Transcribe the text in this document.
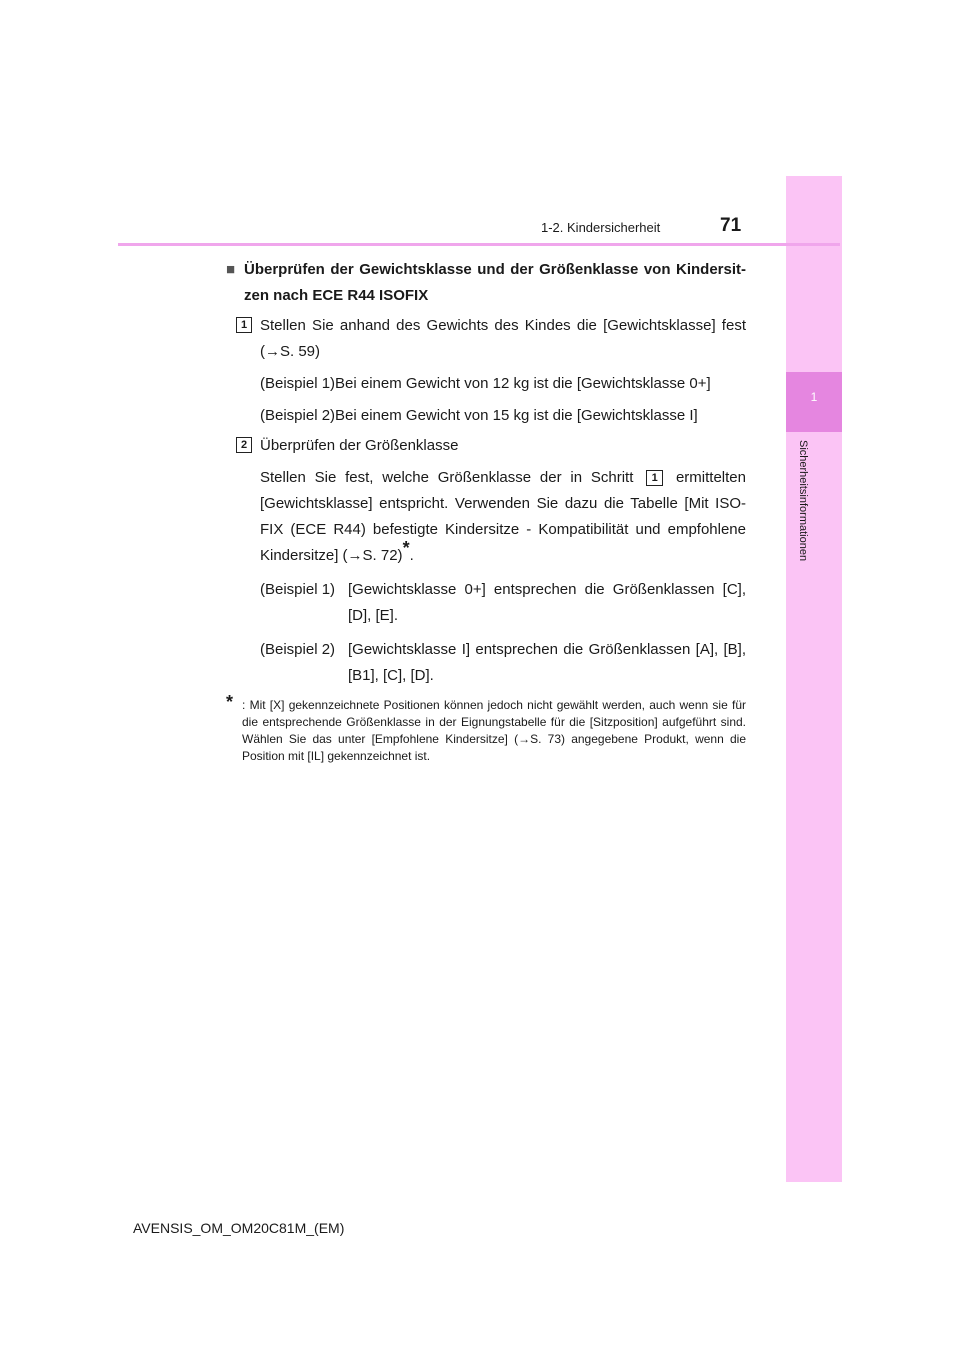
1
Sicherheitsinformationen
1-2. Kindersicherheit	71
■ Überprüfen der Gewichtsklasse und der Größenklasse von Kindersit-zen nach ECE R44 ISOFIX
1 Stellen Sie anhand des Gewichts des Kindes die [Gewichtsklasse] fest (→S. 59)
(Beispiel 1)Bei einem Gewicht von 12 kg ist die [Gewichtsklasse 0+]
(Beispiel 2)Bei einem Gewicht von 15 kg ist die [Gewichtsklasse I]
2 Überprüfen der Größenklasse
Stellen Sie fest, welche Größenklasse der in Schritt 1 ermittelten [Gewichtsklasse] entspricht. Verwenden Sie dazu die Tabelle [Mit ISO-FIX (ECE R44) befestigte Kindersitze - Kompatibilität und empfohlene Kindersitze] (→S. 72)*.
(Beispiel 1) [Gewichtsklasse 0+] entsprechen die Größenklassen [C], [D], [E].
(Beispiel 2) [Gewichtsklasse I] entsprechen die Größenklassen [A], [B], [B1], [C], [D].
* : Mit [X] gekennzeichnete Positionen können jedoch nicht gewählt werden, auch wenn sie für die entsprechende Größenklasse in der Eignungstabelle für die [Sitzposition] aufgeführt sind. Wählen Sie das unter [Empfohlene Kindersitze] (→S. 73) angegebene Produkt, wenn die Position mit [IL] gekennzeichnet ist.
AVENSIS_OM_OM20C81M_(EM)
